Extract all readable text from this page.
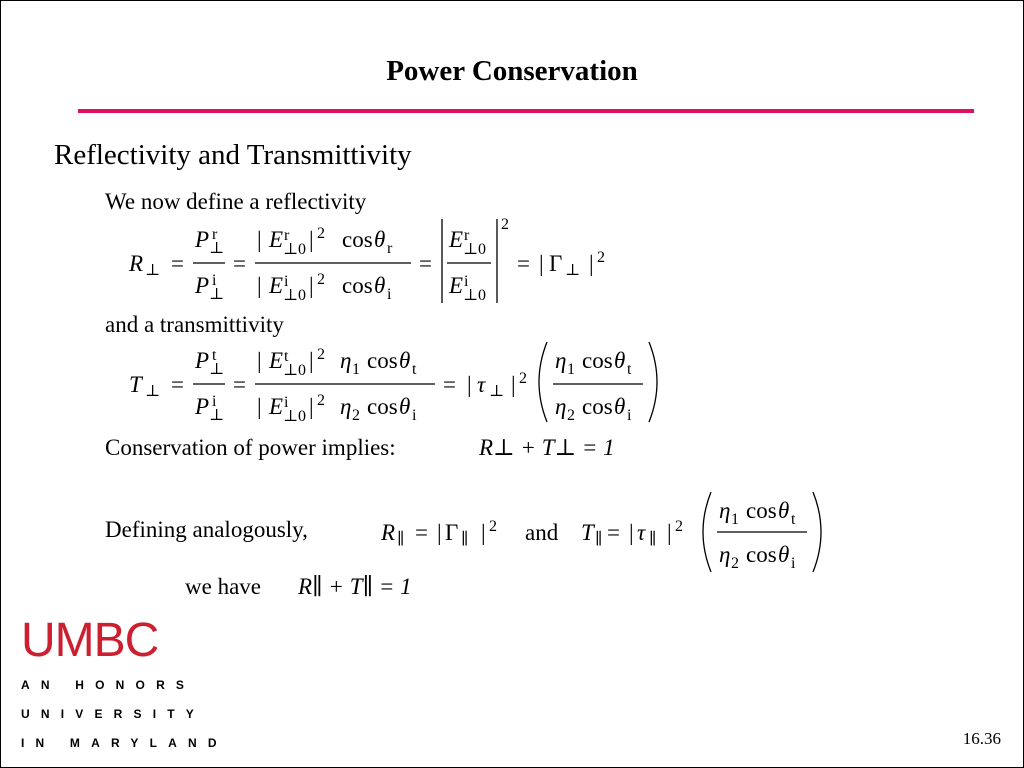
Power Conservation
Reflectivity and Transmittivity
We now define a reflectivity
R ⊥ =
P r
⊥
P i
⊥
=
| E r
⊥0 | 2 cos θ r
| E i
⊥0 | 2 cos θ i
=
E r
⊥0
E i
⊥0
2
= | Γ ⊥ | 2
and a transmittivity
T ⊥ =
P t
⊥
P i
⊥
=
| E t
⊥0 | 2 η 1 cos θ t
| E i
⊥0 | 2 η 2 cos θ i
= | τ ⊥ | 2
η 1 cos θ t
η 2 cos θ i
Conservation of power implies:	R⊥ + T⊥ = 1
Defining analogously,	R ∥ = | Γ ∥ | 2 and T ∥ = | τ ∥ | 2
η 1 cos θ t
η 2 cos θ i
we have R∥ + T∥ = 1
UMBC
AN HONORS
UNIVERSITY
IN MARYLAND	16.36
